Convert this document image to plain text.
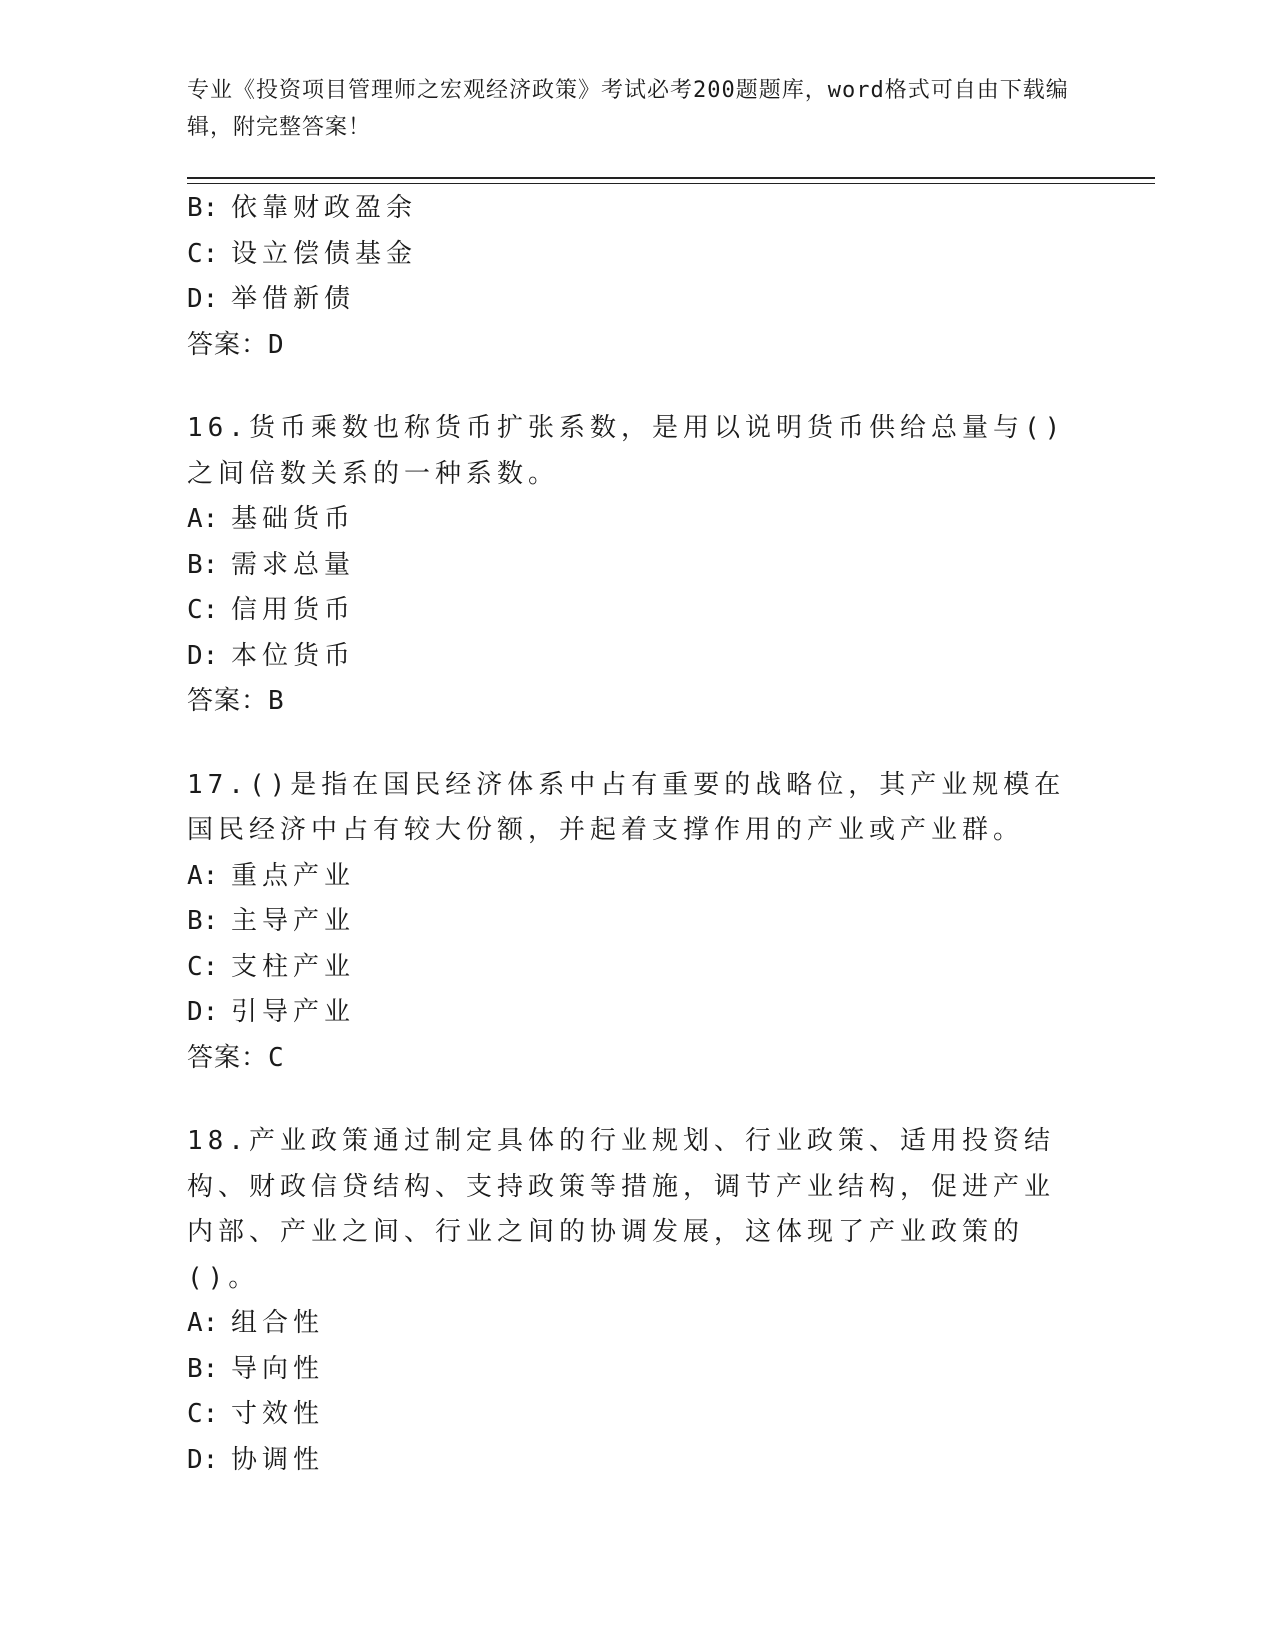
专业《投资项目管理师之宏观经济政策》考试必考200题题库，word格式可自由下载编辑，附完整答案！
B: 依靠财政盈余
C: 设立偿债基金
D: 举借新债
答案：D
16.货币乘数也称货币扩张系数，是用以说明货币供给总量与()之间倍数关系的一种系数。
A: 基础货币
B: 需求总量
C: 信用货币
D: 本位货币
答案：B
17.()是指在国民经济体系中占有重要的战略位，其产业规模在国民经济中占有较大份额，并起着支撑作用的产业或产业群。
A: 重点产业
B: 主导产业
C: 支柱产业
D: 引导产业
答案：C
18.产业政策通过制定具体的行业规划、行业政策、适用投资结构、财政信贷结构、支持政策等措施，调节产业结构，促进产业内部、产业之间、行业之间的协调发展，这体现了产业政策的()。
A: 组合性
B: 导向性
C: 寸效性
D: 协调性
